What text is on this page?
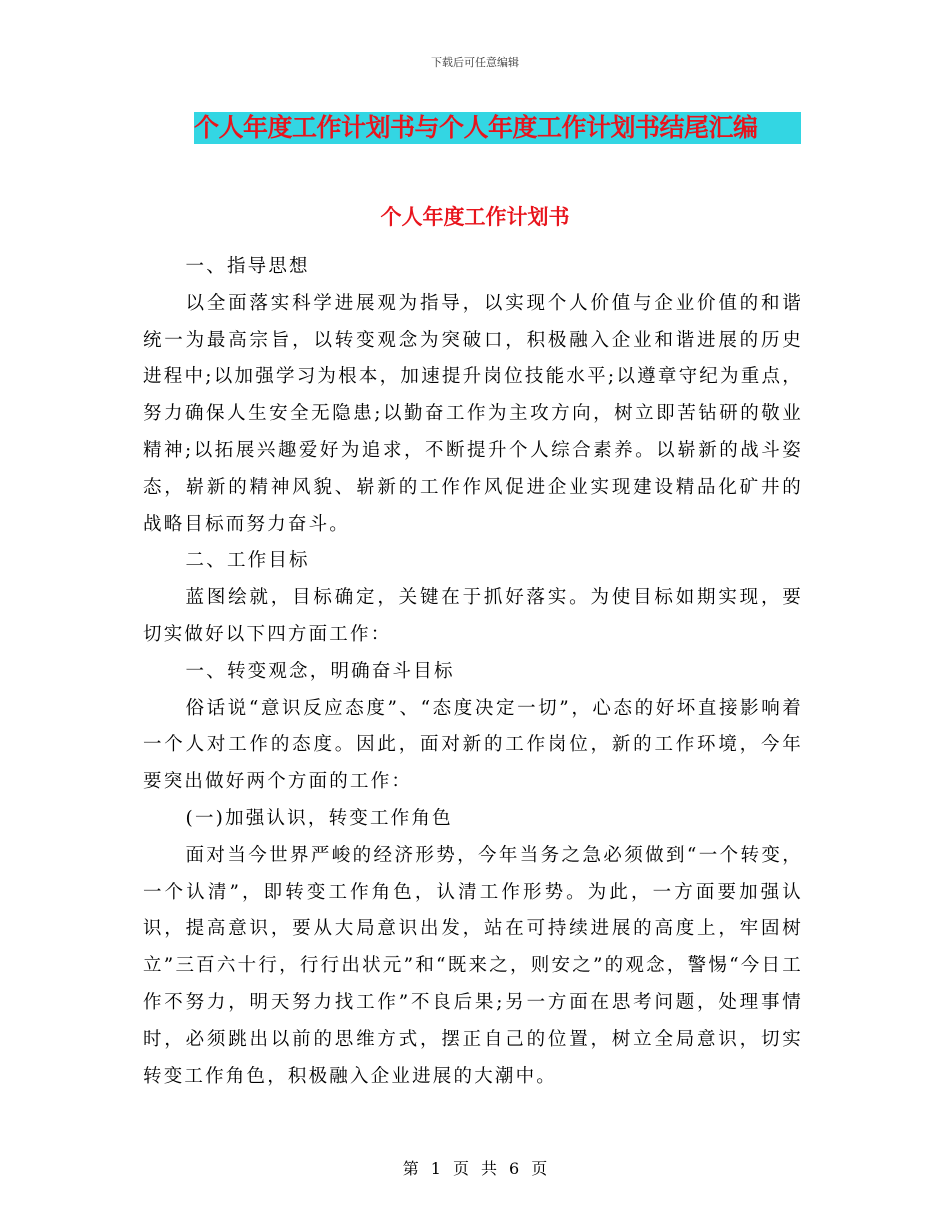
下载后可任意编辑
个人年度工作计划书与个人年度工作计划书结尾汇编
个人年度工作计划书

一、指导思想

以全面落实科学进展观为指导，以实现个人价值与企业价值的和谐统一为最高宗旨，以转变观念为突破口，积极融入企业和谐进展的历史进程中;以加强学习为根本，加速提升岗位技能水平;以遵章守纪为重点，努力确保人生安全无隐患;以勤奋工作为主攻方向，树立即苦钻研的敬业精神;以拓展兴趣爱好为追求，不断提升个人综合素养。以崭新的战斗姿态，崭新的精神风貌、崭新的工作作风促进企业实现建设精品化矿井的战略目标而努力奋斗。

二、工作目标

蓝图绘就，目标确定，关键在于抓好落实。为使目标如期实现，要切实做好以下四方面工作：

一、转变观念，明确奋斗目标

俗话说“意识反应态度”、“态度决定一切”，心态的好坏直接影响着一个人对工作的态度。因此，面对新的工作岗位，新的工作环境，今年要突出做好两个方面的工作：

(一)加强认识，转变工作角色

面对当今世界严峻的经济形势，今年当务之急必须做到“一个转变，一个认清”，即转变工作角色，认清工作形势。为此，一方面要加强认识，提高意识，要从大局意识出发，站在可持续进展的高度上，牢固树立”三百六十行，行行出状元”和“既来之，则安之”的观念，警惕“今日工作不努力，明天努力找工作”不良后果;另一方面在思考问题，处理事情时，必须跳出以前的思维方式，摆正自己的位置，树立全局意识，切实转变工作角色，积极融入企业进展的大潮中。

第 1 页 共 6 页
